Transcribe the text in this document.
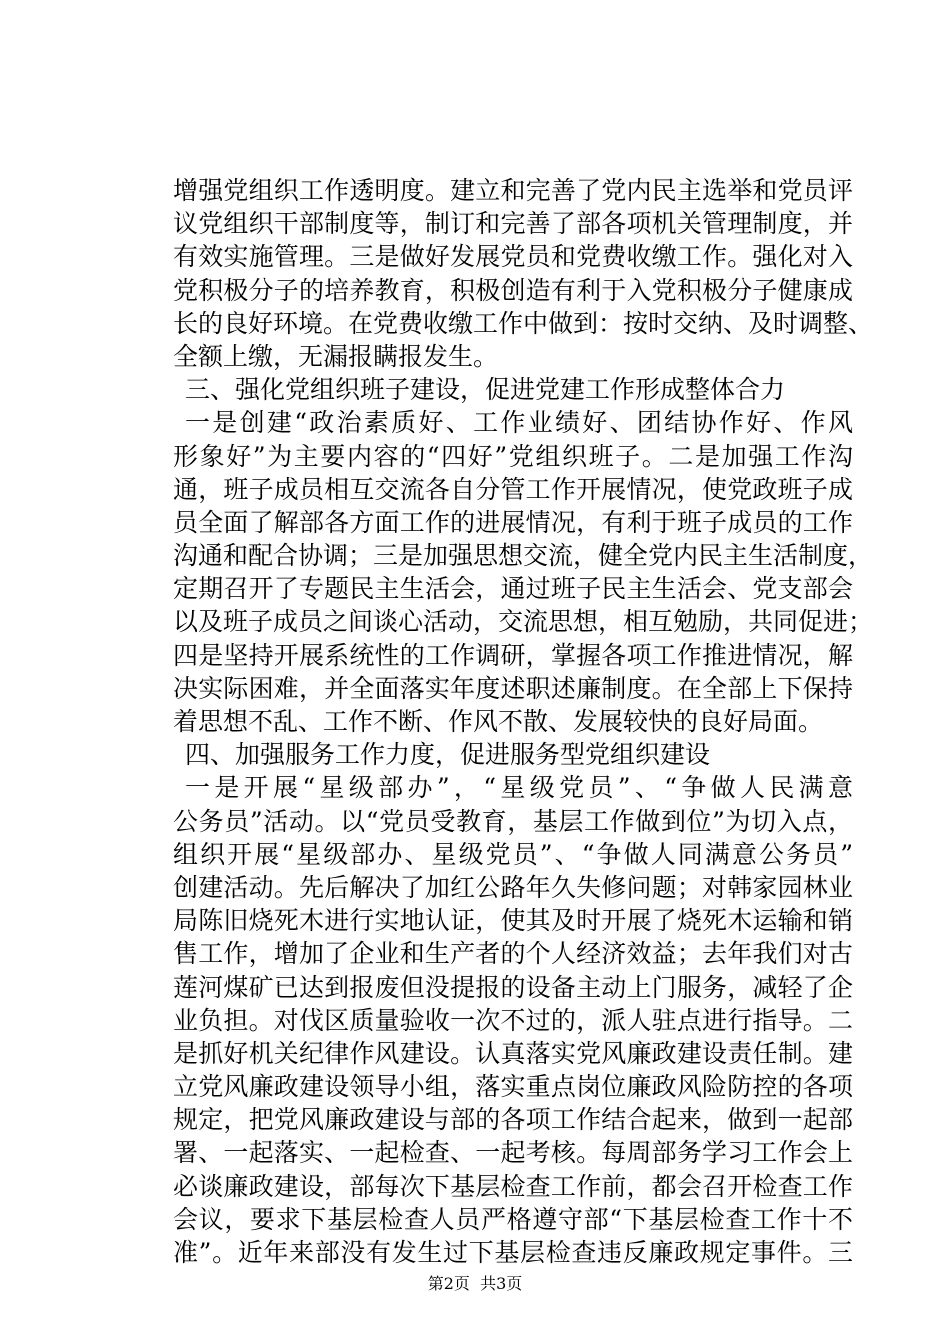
增强党组织工作透明度。建立和完善了党内民主选举和党员评
议党组织干部制度等，制订和完善了部各项机关管理制度，并
有效实施管理。三是做好发展党员和党费收缴工作。强化对入
党积极分子的培养教育，积极创造有利于入党积极分子健康成
长的良好环境。在党费收缴工作中做到：按时交纳、及时调整、
全额上缴，无漏报瞒报发生。
三、强化党组织班子建设，促进党建工作形成整体合力
一是创建“政治素质好、工作业绩好、团结协作好、作风
形象好”为主要内容的“四好”党组织班子。二是加强工作沟
通，班子成员相互交流各自分管工作开展情况，使党政班子成
员全面了解部各方面工作的进展情况，有利于班子成员的工作
沟通和配合协调；三是加强思想交流，健全党内民主生活制度，
定期召开了专题民主生活会，通过班子民主生活会、党支部会
以及班子成员之间谈心活动，交流思想，相互勉励，共同促进；
四是坚持开展系统性的工作调研，掌握各项工作推进情况，解
决实际困难，并全面落实年度述职述廉制度。在全部上下保持
着思想不乱、工作不断、作风不散、发展较快的良好局面。
四、加强服务工作力度，促进服务型党组织建设
一是开展“星级部办”，“星级党员”、“争做人民满意
公务员”活动。以“党员受教育，基层工作做到位”为切入点，
组织开展“星级部办、星级党员”、“争做人同满意公务员”
创建活动。先后解决了加红公路年久失修问题；对韩家园林业
局陈旧烧死木进行实地认证，使其及时开展了烧死木运输和销
售工作，增加了企业和生产者的个人经济效益；去年我们对古
莲河煤矿已达到报废但没提报的设备主动上门服务，减轻了企
业负担。对伐区质量验收一次不过的，派人驻点进行指导。二
是抓好机关纪律作风建设。认真落实党风廉政建设责任制。建
立党风廉政建设领导小组，落实重点岗位廉政风险防控的各项
规定，把党风廉政建设与部的各项工作结合起来，做到一起部
署、一起落实、一起检查、一起考核。每周部务学习工作会上
必谈廉政建设，部每次下基层检查工作前，都会召开检查工作
会议，要求下基层检查人员严格遵守部“下基层检查工作十不
准”。近年来部没有发生过下基层检查违反廉政规定事件。三
第2页  共3页
